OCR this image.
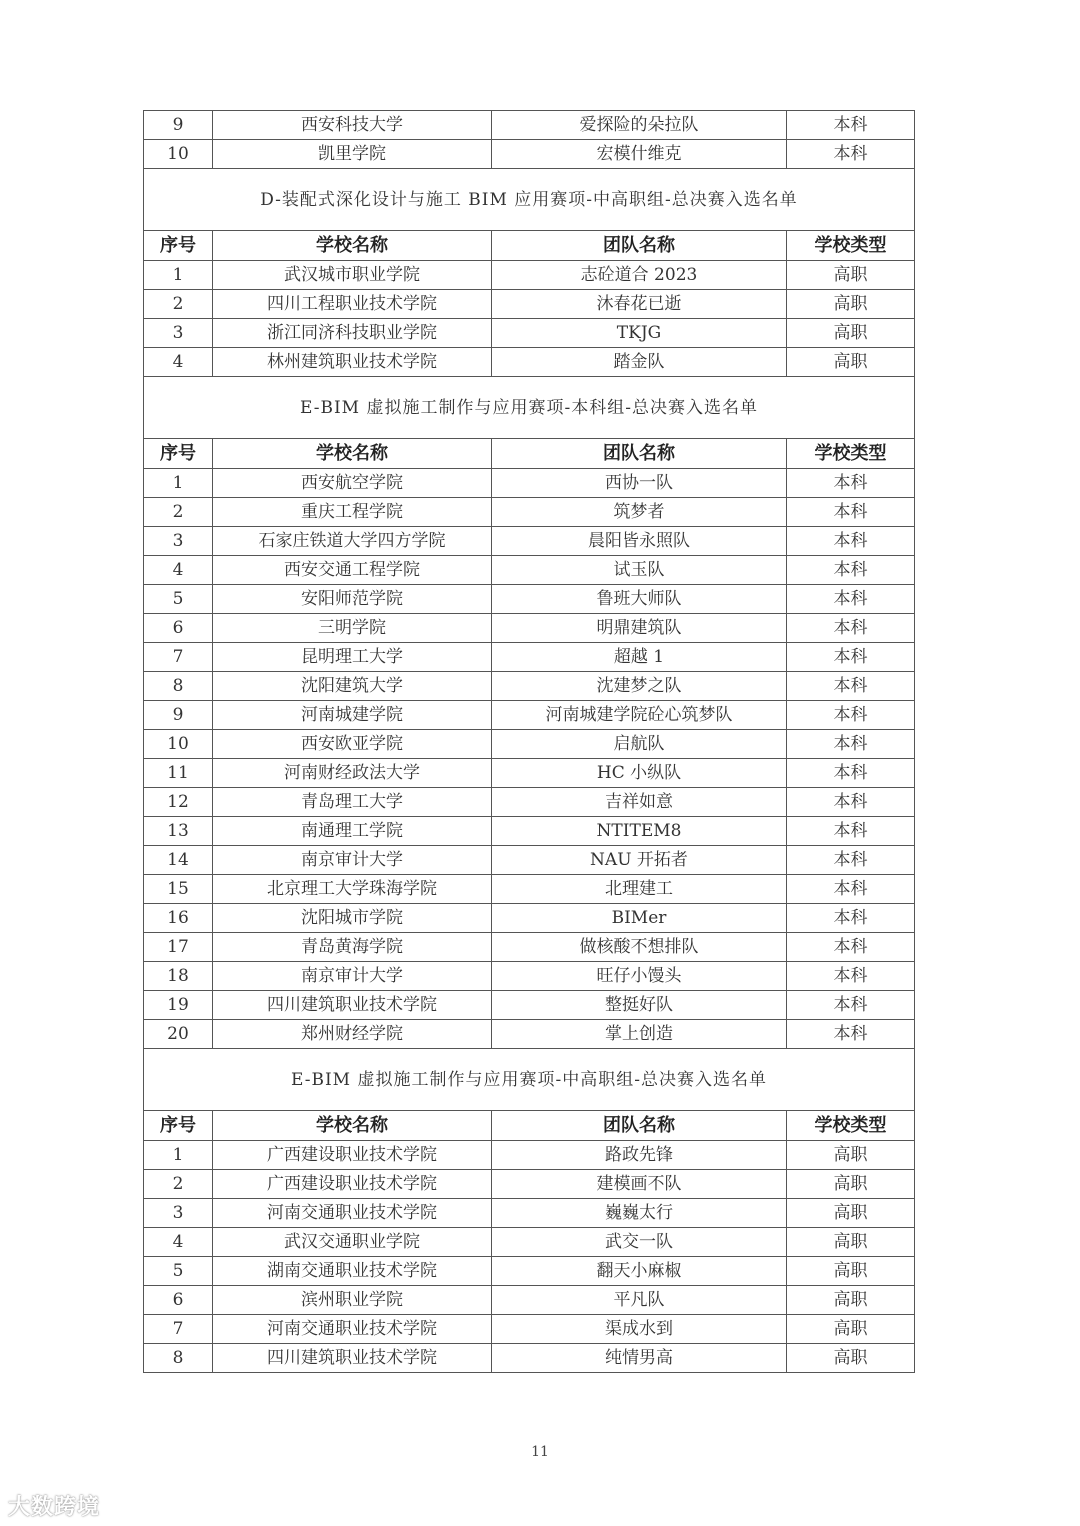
9	西安科技大学	爱探险的朵拉队	本科
10	凯里学院	宏模什维克	本科
D-装配式深化设计与施工 BIM 应用赛项-中高职组-总决赛入选名单			
序号	学校名称	团队名称	学校类型
1	武汉城市职业学院	志砼道合 2023	高职
2	四川工程职业技术学院	沐春花已逝	高职
3	浙江同济科技职业学院	TKJG	高职
4	林州建筑职业技术学院	踏金队	高职
E-BIM 虚拟施工制作与应用赛项-本科组-总决赛入选名单			
序号	学校名称	团队名称	学校类型
1	西安航空学院	西协一队	本科
2	重庆工程学院	筑梦者	本科
3	石家庄铁道大学四方学院	晨阳皆永照队	本科
4	西安交通工程学院	试玉队	本科
5	安阳师范学院	鲁班大师队	本科
6	三明学院	明鼎建筑队	本科
7	昆明理工大学	超越 1	本科
8	沈阳建筑大学	沈建梦之队	本科
9	河南城建学院	河南城建学院砼心筑梦队	本科
10	西安欧亚学院	启航队	本科
11	河南财经政法大学	HC 小纵队	本科
12	青岛理工大学	吉祥如意	本科
13	南通理工学院	NTITEM8	本科
14	南京审计大学	NAU 开拓者	本科
15	北京理工大学珠海学院	北理建工	本科
16	沈阳城市学院	BIMer	本科
17	青岛黄海学院	做核酸不想排队	本科
18	南京审计大学	旺仔小馒头	本科
19	四川建筑职业技术学院	整挺好队	本科
20	郑州财经学院	掌上创造	本科
E-BIM 虚拟施工制作与应用赛项-中高职组-总决赛入选名单			
序号	学校名称	团队名称	学校类型
1	广西建设职业技术学院	路政先锋	高职
2	广西建设职业技术学院	建模画不队	高职
3	河南交通职业技术学院	巍巍太行	高职
4	武汉交通职业学院	武交一队	高职
5	湖南交通职业技术学院	翻天小麻椒	高职
6	滨州职业学院	平凡队	高职
7	河南交通职业技术学院	渠成水到	高职
8	四川建筑职业技术学院	纯情男高	高职
11
大数跨境
